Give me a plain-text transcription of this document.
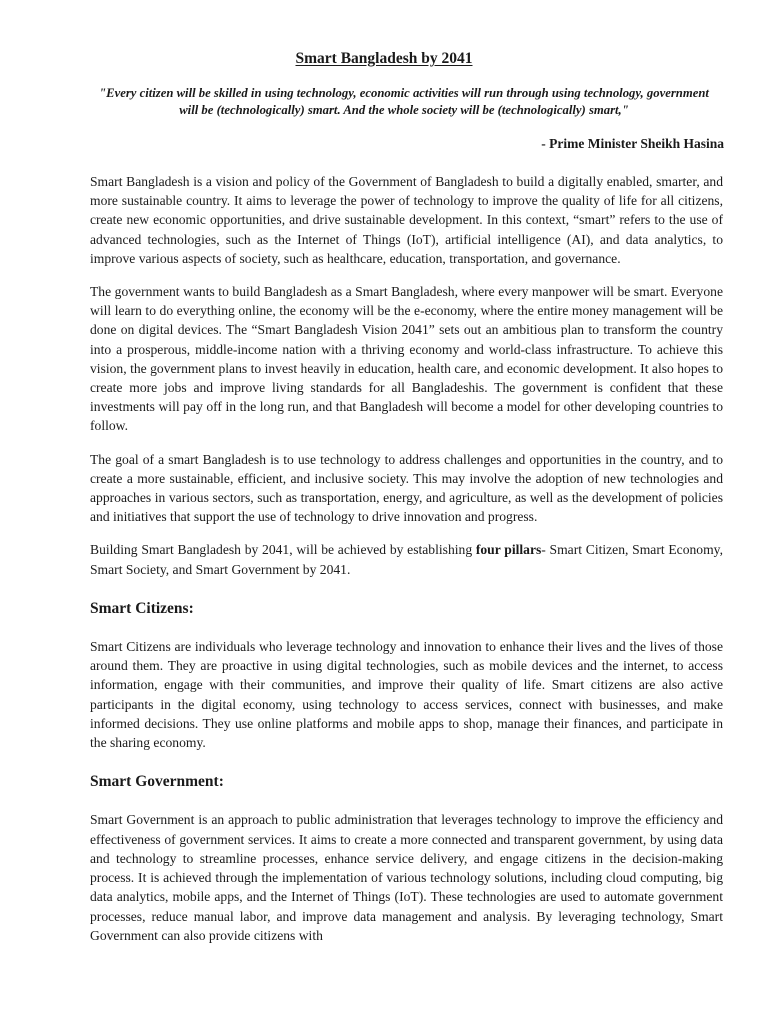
Smart Bangladesh by 2041

"Every citizen will be skilled in using technology, economic activities will run through using technology, government will be (technologically) smart. And the whole society will be (technologically) smart,"

- Prime Minister Sheikh Hasina

Smart Bangladesh is a vision and policy of the Government of Bangladesh to build a digitally enabled, smarter, and more sustainable country. It aims to leverage the power of technology to improve the quality of life for all citizens, create new economic opportunities, and drive sustainable development. In this context, “smart” refers to the use of advanced technologies, such as the Internet of Things (IoT), artificial intelligence (AI), and data analytics, to improve various aspects of society, such as healthcare, education, transportation, and governance.

The government wants to build Bangladesh as a Smart Bangladesh, where every manpower will be smart. Everyone will learn to do everything online, the economy will be the e-economy, where the entire money management will be done on digital devices. The “Smart Bangladesh Vision 2041” sets out an ambitious plan to transform the country into a prosperous, middle-income nation with a thriving economy and world-class infrastructure. To achieve this vision, the government plans to invest heavily in education, health care, and economic development. It also hopes to create more jobs and improve living standards for all Bangladeshis. The government is confident that these investments will pay off in the long run, and that Bangladesh will become a model for other developing countries to follow.

The goal of a smart Bangladesh is to use technology to address challenges and opportunities in the country, and to create a more sustainable, efficient, and inclusive society. This may involve the adoption of new technologies and approaches in various sectors, such as transportation, energy, and agriculture, as well as the development of policies and initiatives that support the use of technology to drive innovation and progress.

Building Smart Bangladesh by 2041, will be achieved by establishing four pillars- Smart Citizen, Smart Economy, Smart Society, and Smart Government by 2041.

Smart Citizens:

Smart Citizens are individuals who leverage technology and innovation to enhance their lives and the lives of those around them. They are proactive in using digital technologies, such as mobile devices and the internet, to access information, engage with their communities, and improve their quality of life. Smart citizens are also active participants in the digital economy, using technology to access services, connect with businesses, and make informed decisions. They use online platforms and mobile apps to shop, manage their finances, and participate in the sharing economy.

Smart Government:

Smart Government is an approach to public administration that leverages technology to improve the efficiency and effectiveness of government services. It aims to create a more connected and transparent government, by using data and technology to streamline processes, enhance service delivery, and engage citizens in the decision-making process. It is achieved through the implementation of various technology solutions, including cloud computing, big data analytics, mobile apps, and the Internet of Things (IoT). These technologies are used to automate government processes, reduce manual labor, and improve data management and analysis. By leveraging technology, Smart Government can also provide citizens with
